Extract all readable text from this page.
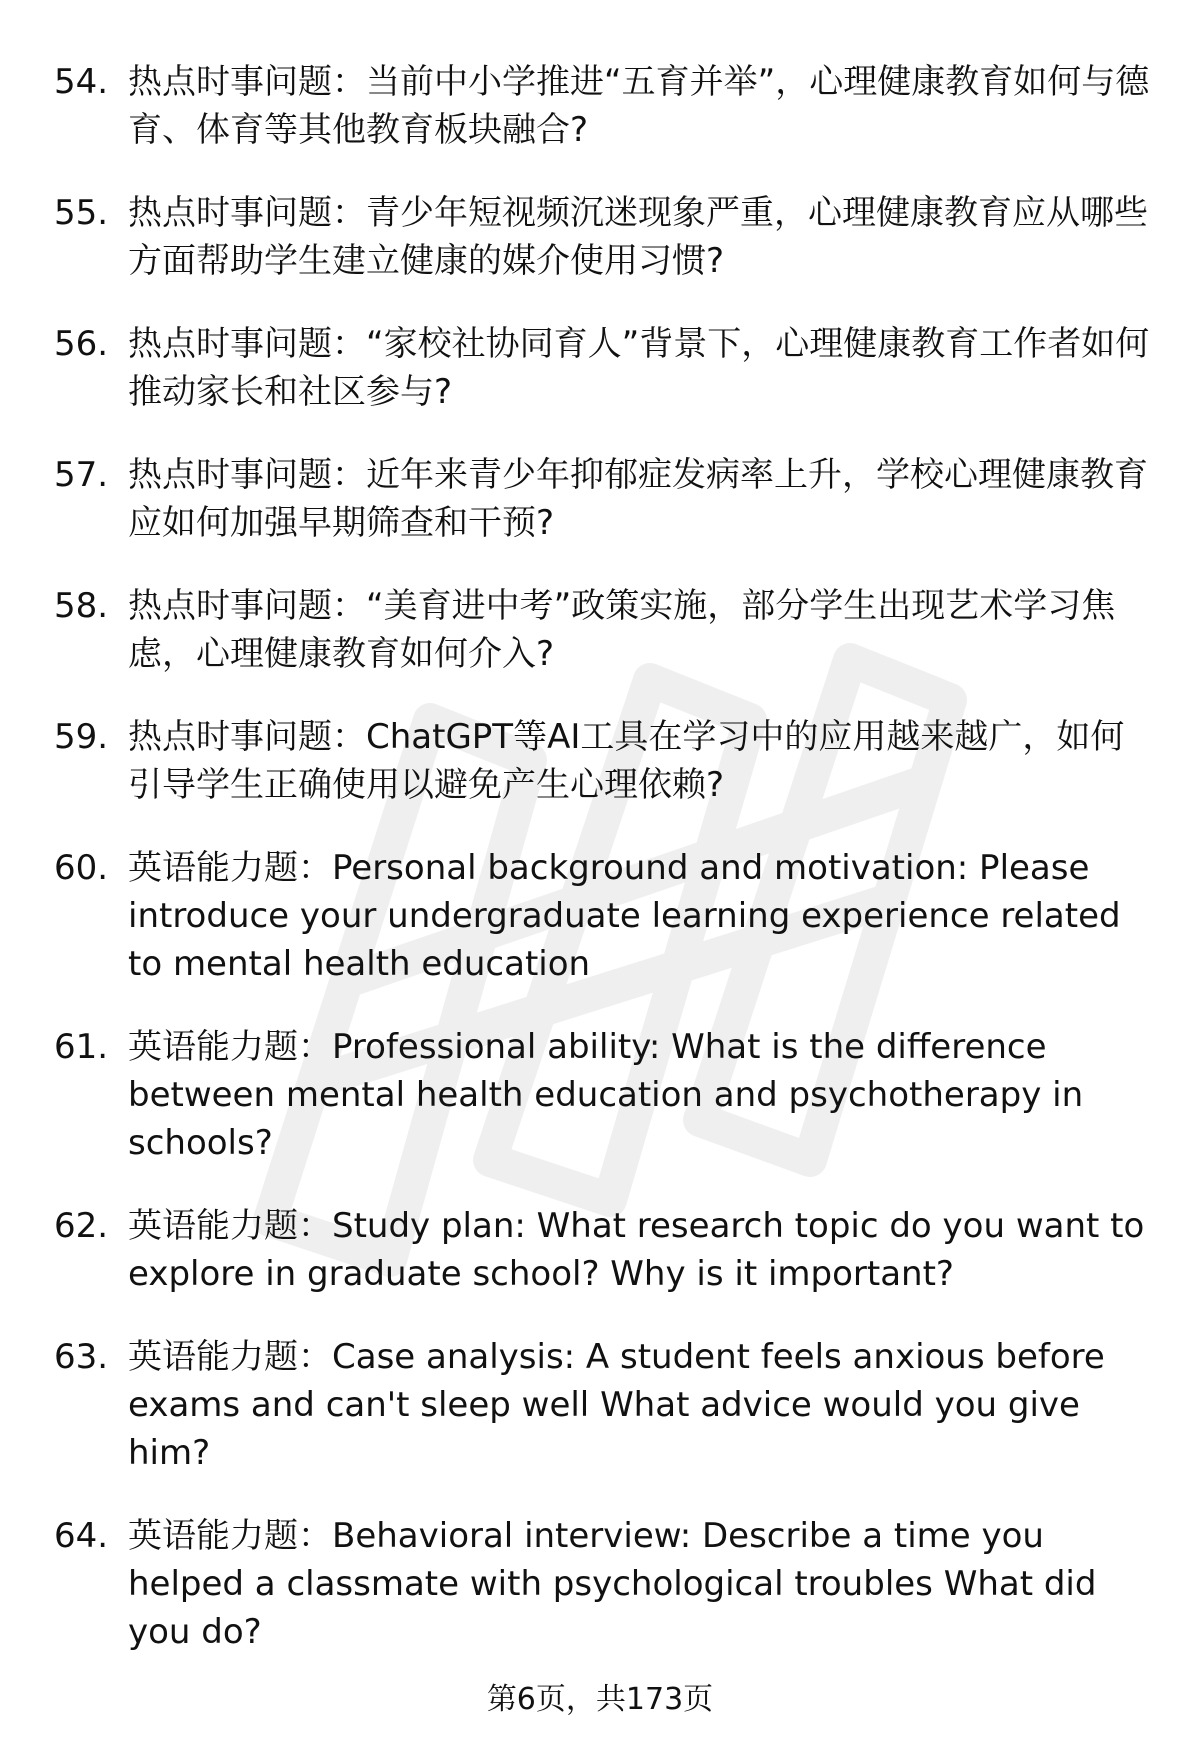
54. 热点时事问题：当前中小学推进“五育并举”，心理健康教育如何与德育、体育等其他教育板块融合?
55. 热点时事问题：青少年短视频沉迷现象严重，心理健康教育应从哪些方面帮助学生建立健康的媒介使用习惯?
56. 热点时事问题：“家校社协同育人”背景下，心理健康教育工作者如何推动家长和社区参与?
57. 热点时事问题：近年来青少年抑郁症发病率上升，学校心理健康教育应如何加强早期筛查和干预?
58. 热点时事问题：“美育进中考”政策实施，部分学生出现艺术学习焦虑，心理健康教育如何介入?
59. 热点时事问题：ChatGPT等AI工具在学习中的应用越来越广，如何引导学生正确使用以避免产生心理依赖?
60. 英语能力题：Personal background and motivation: Please introduce your undergraduate learning experience related to mental health education
61. 英语能力题：Professional ability: What is the difference between mental health education and psychotherapy in schools?
62. 英语能力题：Study plan: What research topic do you want to explore in graduate school? Why is it important?
63. 英语能力题：Case analysis: A student feels anxious before exams and can't sleep well What advice would you give him?
64. 英语能力题：Behavioral interview: Describe a time you helped a classmate with psychological troubles What did you do?
第6页，共173页
